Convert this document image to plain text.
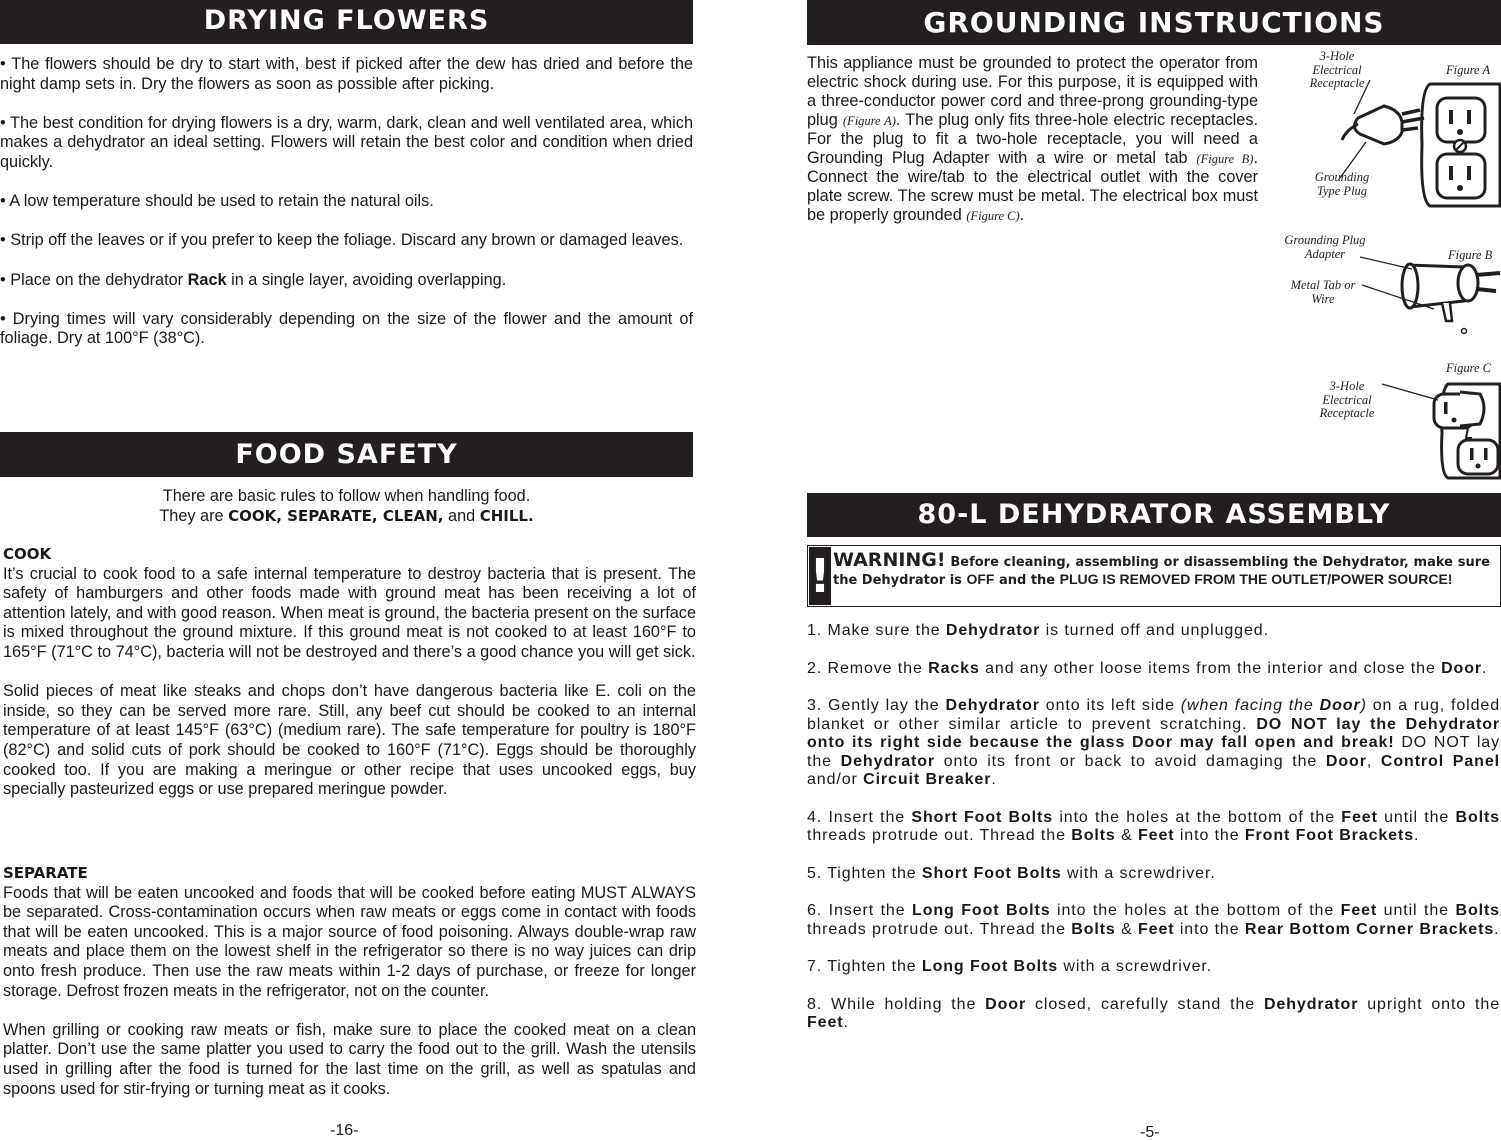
DRYING FLOWERS

• The flowers should be dry to start with, best if picked after the dew has dried and before the night damp sets in. Dry the flowers as soon as possible after picking.

• The best condition for drying flowers is a dry, warm, dark, clean and well ventilated area, which makes a dehydrator an ideal setting. Flowers will retain the best color and condition when dried quickly.

• A low temperature should be used to retain the natural oils.

• Strip off the leaves or if you prefer to keep the foliage. Discard any brown or damaged leaves.

• Place on the dehydrator Rack in a single layer, avoiding overlapping.

• Drying times will vary considerably depending on the size of the flower and the amount of foliage. Dry at 100°F (38°C).

FOOD SAFETY
There are basic rules to follow when handling food.
They are COOK, SEPARATE, CLEAN, and CHILL.
COOK

It’s crucial to cook food to a safe internal temperature to destroy bacteria that is present. The safety of hamburgers and other foods made with ground meat has been receiving a lot of attention lately, and with good reason. When meat is ground, the bacteria present on the surface is mixed throughout the ground mixture. If this ground meat is not cooked to at least 160°F to 165°F (71°C to 74°C), bacteria will not be destroyed and there’s a good chance you will get sick.

Solid pieces of meat like steaks and chops don’t have dangerous bacteria like E. coli on the inside, so they can be served more rare. Still, any beef cut should be cooked to an internal temperature of at least 145°F (63°C) (medium rare). The safe temperature for poultry is 180°F (82°C) and solid cuts of pork should be cooked to 160°F (71°C). Eggs should be thoroughly cooked too. If you are making a meringue or other recipe that uses uncooked eggs, buy specially pasteurized eggs or use prepared meringue powder.

SEPARATE

Foods that will be eaten uncooked and foods that will be cooked before eating MUST ALWAYS be separated. Cross-contamination occurs when raw meats or eggs come in contact with foods that will be eaten uncooked. This is a major source of food poisoning. Always double-wrap raw meats and place them on the lowest shelf in the refrigerator so there is no way juices can drip onto fresh produce. Then use the raw meats within 1-2 days of purchase, or freeze for longer storage. Defrost frozen meats in the refrigerator, not on the counter.

When grilling or cooking raw meats or fish, make sure to place the cooked meat on a clean platter. Don’t use the same platter you used to carry the food out to the grill. Wash the utensils used in grilling after the food is turned for the last time on the grill, as well as spatulas and spoons used for stir-frying or turning meat as it cooks.

-16-
GROUNDING INSTRUCTIONS
This appliance must be grounded to protect the operator from electric shock during use. For this purpose, it is equipped with a three-conductor power cord and three-prong grounding-type plug (Figure A). The plug only fits three-hole electric receptacles. For the plug to fit a two-hole receptacle, you will need a Grounding Plug Adapter with a wire or metal tab (Figure B). Connect the wire/tab to the electrical outlet with the cover plate screw. The screw must be metal. The electrical box must be properly grounded (Figure C).
Figure A
3-Hole Electrical Receptacle
Grounding Type Plug
Figure B
Grounding Plug Adapter
Metal Tab or Wire
Figure C
3-Hole Electrical Receptacle
80-L DEHYDRATOR ASSEMBLY
! WARNING! Before cleaning, assembling or disassembling the Dehydrator, make sure the Dehydrator is OFF and the PLUG IS REMOVED FROM THE OUTLET/POWER SOURCE!

1. Make sure the Dehydrator is turned off and unplugged.

2. Remove the Racks and any other loose items from the interior and close the Door.

3. Gently lay the Dehydrator onto its left side (when facing the Door) on a rug, folded blanket or other similar article to prevent scratching. DO NOT lay the Dehydrator onto its right side because the glass Door may fall open and break! DO NOT lay the Dehydrator onto its front or back to avoid damaging the Door, Control Panel and/or Circuit Breaker.

4. Insert the Short Foot Bolts into the holes at the bottom of the Feet until the Bolts threads protrude out. Thread the Bolts & Feet into the Front Foot Brackets.

5. Tighten the Short Foot Bolts with a screwdriver.

6. Insert the Long Foot Bolts into the holes at the bottom of the Feet until the Bolts threads protrude out. Thread the Bolts & Feet into the Rear Bottom Corner Brackets.

7. Tighten the Long Foot Bolts with a screwdriver.

8. While holding the Door closed, carefully stand the Dehydrator upright onto the Feet.

-5-
